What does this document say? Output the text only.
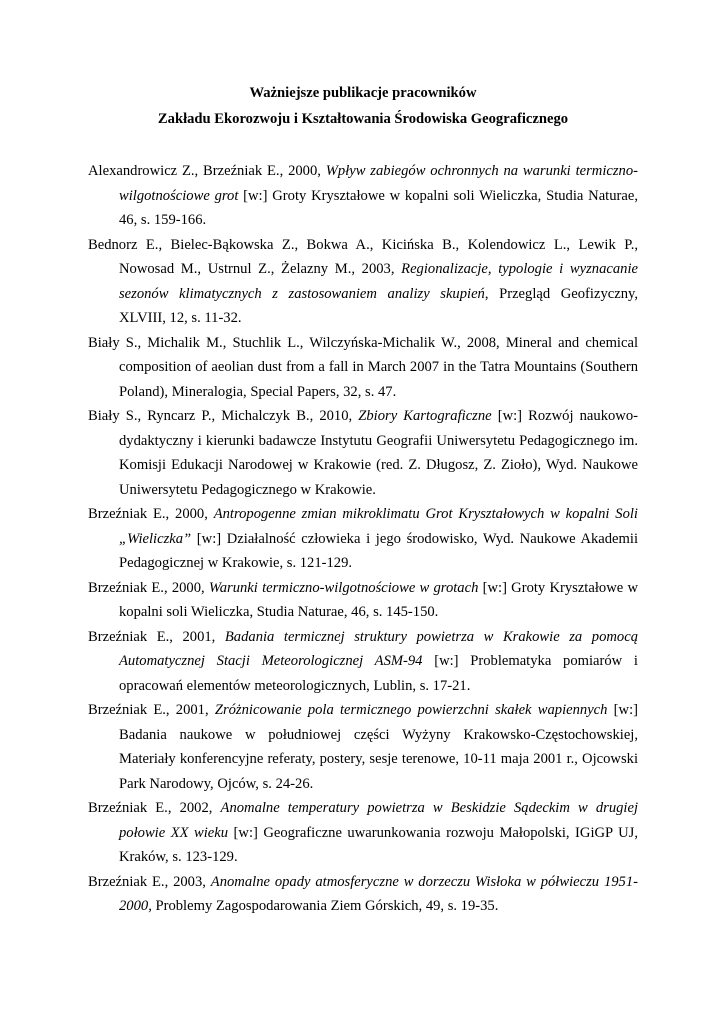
Ważniejsze publikacje pracowników
Zakładu Ekorozwoju i Kształtowania Środowiska Geograficznego
Alexandrowicz Z., Brzeźniak E., 2000, Wpływ zabiegów ochronnych na warunki termiczno-wilgotnościowe grot [w:] Groty Kryształowe w kopalni soli Wieliczka, Studia Naturae, 46, s. 159-166.
Bednorz E., Bielec-Bąkowska Z., Bokwa A., Kicińska B., Kolendowicz L., Lewik P., Nowosad M., Ustrnul Z., Żelazny M., 2003, Regionalizacje, typologie i wyznacanie sezonów klimatycznych z zastosowaniem analizy skupień, Przegląd Geofizyczny, XLVIII, 12, s. 11-32.
Biały S., Michalik M., Stuchlik L., Wilczyńska-Michalik W., 2008, Mineral and chemical composition of aeolian dust from a fall in March 2007 in the Tatra Mountains (Southern Poland), Mineralogia, Special Papers, 32, s. 47.
Biały S., Ryncarz P., Michalczyk B., 2010, Zbiory Kartograficzne [w:] Rozwój naukowo-dydaktyczny i kierunki badawcze Instytutu Geografii Uniwersytetu Pedagogicznego im. Komisji Edukacji Narodowej w Krakowie (red. Z. Długosz, Z. Zioło), Wyd. Naukowe Uniwersytetu Pedagogicznego w Krakowie.
Brzeźniak E., 2000, Antropogenne zmian mikroklimatu Grot Kryształowych w kopalni Soli „Wieliczka” [w:] Działalność człowieka i jego środowisko, Wyd. Naukowe Akademii Pedagogicznej w Krakowie, s. 121-129.
Brzeźniak E., 2000, Warunki termiczno-wilgotnościowe w grotach [w:] Groty Kryształowe w kopalni soli Wieliczka, Studia Naturae, 46, s. 145-150.
Brzeźniak E., 2001, Badania termicznej struktury powietrza w Krakowie za pomocą Automatycznej Stacji Meteorologicznej ASM-94 [w:] Problematyka pomiarów i opracowań elementów meteorologicznych, Lublin, s. 17-21.
Brzeźniak E., 2001, Zróżnicowanie pola termicznego powierzchni skałek wapiennych [w:] Badania naukowe w południowej części Wyżyny Krakowsko-Częstochowskiej, Materiały konferencyjne referaty, postery, sesje terenowe, 10-11 maja 2001 r., Ojcowski Park Narodowy, Ojców, s. 24-26.
Brzeźniak E., 2002, Anomalne temperatury powietrza w Beskidzie Sądeckim w drugiej połowie XX wieku [w:] Geograficzne uwarunkowania rozwoju Małopolski, IGiGP UJ, Kraków, s. 123-129.
Brzeźniak E., 2003, Anomalne opady atmosferyczne w dorzeczu Wisłoka w półwieczu 1951-2000, Problemy Zagospodarowania Ziem Górskich, 49, s. 19-35.
